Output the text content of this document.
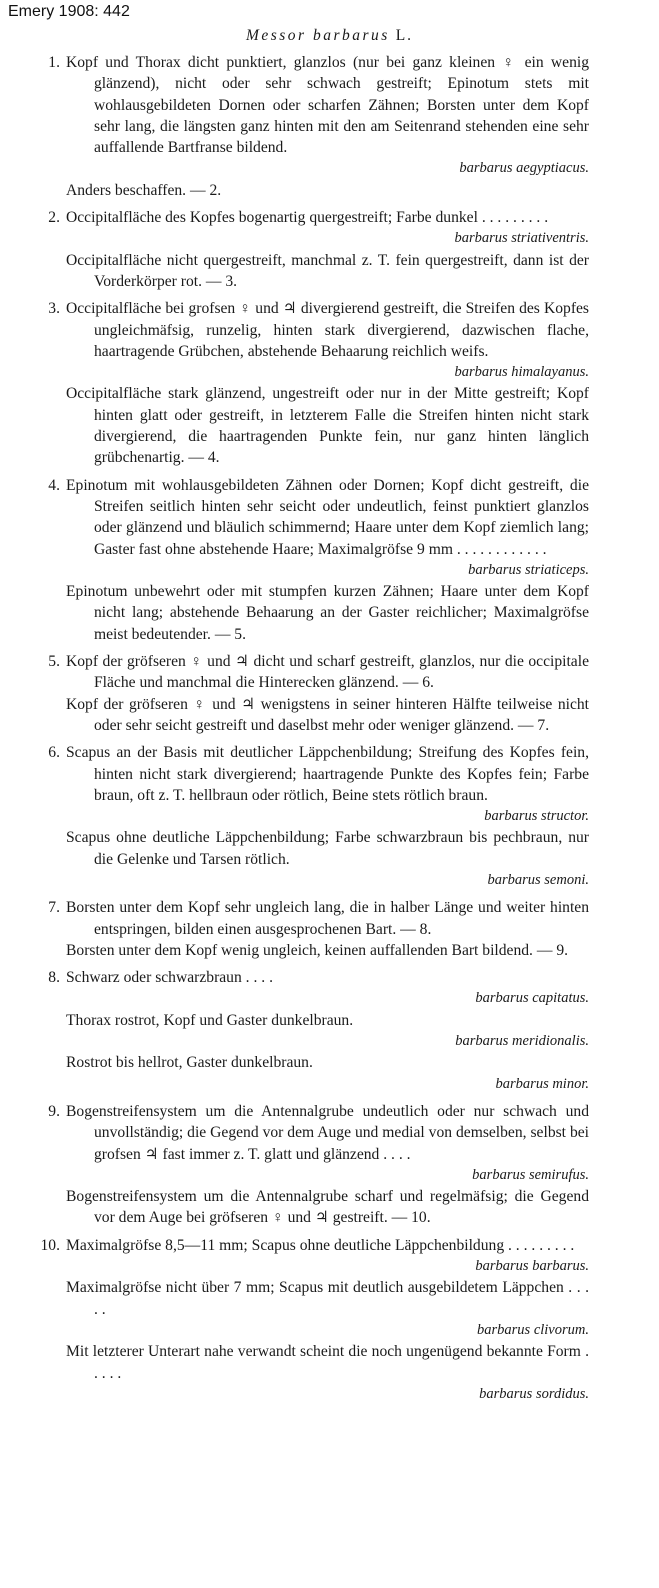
Emery 1908: 442
Messor barbarus L.
1. Kopf und Thorax dicht punktiert, glanzlos (nur bei ganz kleinen ♀ ein wenig glänzend), nicht oder sehr schwach gestreift; Epinotum stets mit wohlausgebildeten Dornen oder scharfen Zähnen; Borsten unter dem Kopf sehr lang, die längsten ganz hinten mit den am Seitenrand stehenden eine sehr auffallende Bartfranse bildend.
barbarus aegyptiacus.
Anders beschaffen. — 2.
2. Occipitalfläche des Kopfes bogenartig quergestreift; Farbe dunkel . . . . . . . . .
barbarus striativentris.
Occipitalfläche nicht quergestreift, manchmal z. T. fein quergestreift, dann ist der Vorderkörper rot. — 3.
3. Occipitalfläche bei grofsen ♀ und ♃ divergierend gestreift, die Streifen des Kopfes ungleichmäfsig, runzelig, hinten stark divergierend, dazwischen flache, haartragende Grübchen, abstehende Behaarung reichlich weifs.
barbarus himalayanus.
Occipitalfläche stark glänzend, ungestreift oder nur in der Mitte gestreift; Kopf hinten glatt oder gestreift, in letzterem Falle die Streifen hinten nicht stark divergierend, die haartragenden Punkte fein, nur ganz hinten länglich grübchenartig. — 4.
4. Epinotum mit wohlausgebildeten Zähnen oder Dornen; Kopf dicht gestreift, die Streifen seitlich hinten sehr seicht oder undeutlich, feinst punktiert glanzlos oder glänzend und bläulich schimmernd; Haare unter dem Kopf ziemlich lang; Gaster fast ohne abstehende Haare; Maximalgröfse 9 mm . . . . . . . . . . . .
barbarus striaticeps.
Epinotum unbewehrt oder mit stumpfen kurzen Zähnen; Haare unter dem Kopf nicht lang; abstehende Behaarung an der Gaster reichlicher; Maximalgröfse meist bedeutender. — 5.
5. Kopf der gröfseren ♀ und ♃ dicht und scharf gestreift, glanzlos, nur die occipitale Fläche und manchmal die Hinterecken glänzend. — 6.
Kopf der gröfseren ♀ und ♃ wenigstens in seiner hinteren Hälfte teilweise nicht oder sehr seicht gestreift und daselbst mehr oder weniger glänzend. — 7.
6. Scapus an der Basis mit deutlicher Läppchenbildung; Streifung des Kopfes fein, hinten nicht stark divergierend; haartragende Punkte des Kopfes fein; Farbe braun, oft z. T. hellbraun oder rötlich, Beine stets rötlich braun.
barbarus structor.
Scapus ohne deutliche Läppchenbildung; Farbe schwarzbraun bis pechbraun, nur die Gelenke und Tarsen rötlich.
barbarus semoni.
7. Borsten unter dem Kopf sehr ungleich lang, die in halber Länge und weiter hinten entspringen, bilden einen ausgesprochenen Bart. — 8.
Borsten unter dem Kopf wenig ungleich, keinen auffallenden Bart bildend. — 9.
8. Schwarz oder schwarzbraun . . . .
barbarus capitatus.
Thorax rostrot, Kopf und Gaster dunkelbraun.
barbarus meridionalis.
Rostrot bis hellrot, Gaster dunkelbraun.
barbarus minor.
9. Bogenstreifensystem um die Antennalgrube undeutlich oder nur schwach und unvollständig; die Gegend vor dem Auge und medial von demselben, selbst bei grofsen ♃ fast immer z. T. glatt und glänzend . . . .
barbarus semirufus.
Bogenstreifensystem um die Antennalgrube scharf und regelmäfsig; die Gegend vor dem Auge bei gröfseren ♀ und ♃ gestreift. — 10.
10. Maximalgröfse 8,5—11 mm; Scapus ohne deutliche Läppchenbildung . . . . . . . . .
barbarus barbarus.
Maximalgröfse nicht über 7 mm; Scapus mit deutlich ausgebildetem Läppchen . . . . .
barbarus clivorum.
Mit letzterer Unterart nahe verwandt scheint die noch ungenügend bekannte Form . . . . .
barbarus sordidus.
